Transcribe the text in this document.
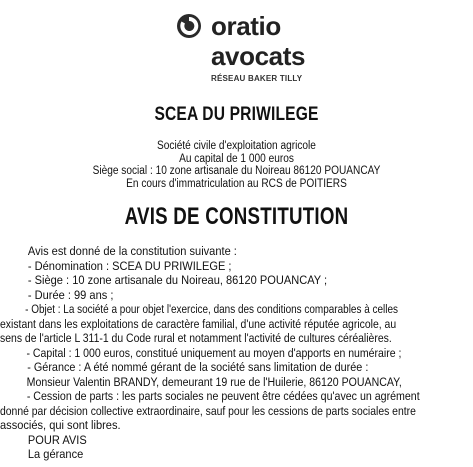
oratio
avocats
RÉSEAU BAKER TILLY
SCEA DU PRIWILEGE
Société civile d'exploitation agricole
Au capital de 1 000 euros
Siège social : 10 zone artisanale du Noireau 86120 POUANCAY
En cours d'immatriculation au RCS de POITIERS
AVIS DE CONSTITUTION
Avis est donné de la constitution suivante :
- Dénomination : SCEA DU PRIWILEGE ;
- Siège : 10 zone artisanale du Noireau, 86120 POUANCAY ;
- Durée : 99 ans ;
- Objet : La société a pour objet l'exercice, dans des conditions comparables à celles
existant dans les exploitations de caractère familial, d'une activité réputée agricole, au
sens de l'article L 311-1 du Code rural et notamment l'activité de cultures céréalières.
- Capital : 1 000 euros, constitué uniquement au moyen d'apports en numéraire ;
- Gérance : A été nommé gérant de la société sans limitation de durée :
Monsieur Valentin BRANDY, demeurant 19 rue de l'Huilerie, 86120 POUANCAY,
- Cession de parts : les parts sociales ne peuvent être cédées qu'avec un agrément
donné par décision collective extraordinaire, sauf pour les cessions de parts sociales entre
associés, qui sont libres.
POUR AVIS
La gérance
